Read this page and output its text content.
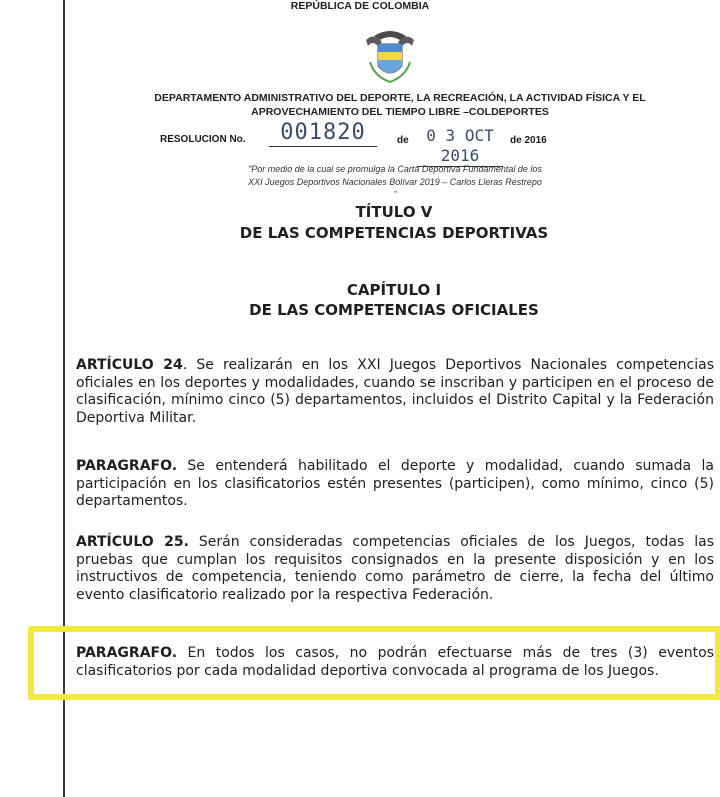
REPÚBLICA DE COLOMBIA
DEPARTAMENTO ADMINISTRATIVO DEL DEPORTE, LA RECREACIÓN, LA ACTIVIDAD FÍSICA Y EL
APROVECHAMIENTO DEL TIEMPO LIBRE –COLDEPORTES
RESOLUCION No.	001820	de	0 3 OCT 2016
de 2016
"Por medio de la cual se promulga la Carta Deportiva Fundamental de los
XXI Juegos Deportivos Nacionales Bolívar 2019 – Carlos Lleras Restrepo
"
TÍTULO V
DE LAS COMPETENCIAS DEPORTIVAS
CAPÍTULO I
DE LAS COMPETENCIAS OFICIALES
ARTÍCULO 24. Se realizarán en los XXI Juegos Deportivos Nacionales competencias oficiales en los deportes y modalidades, cuando se inscriban y participen en el proceso de clasificación, mínimo cinco (5) departamentos, incluidos el Distrito Capital y la Federación Deportiva Militar.
PARAGRAFO. Se entenderá habilitado el deporte y modalidad, cuando sumada la participación en los clasificatorios estén presentes (participen), como mínimo, cinco (5) departamentos.
ARTÍCULO 25. Serán consideradas competencias oficiales de los Juegos, todas las pruebas que cumplan los requisitos consignados en la presente disposición y en los instructivos de competencia, teniendo como parámetro de cierre, la fecha del último evento clasificatorio realizado por la respectiva Federación.
PARAGRAFO. En todos los casos, no podrán efectuarse más de tres (3) eventos clasificatorios por cada modalidad deportiva convocada al programa de los Juegos.
